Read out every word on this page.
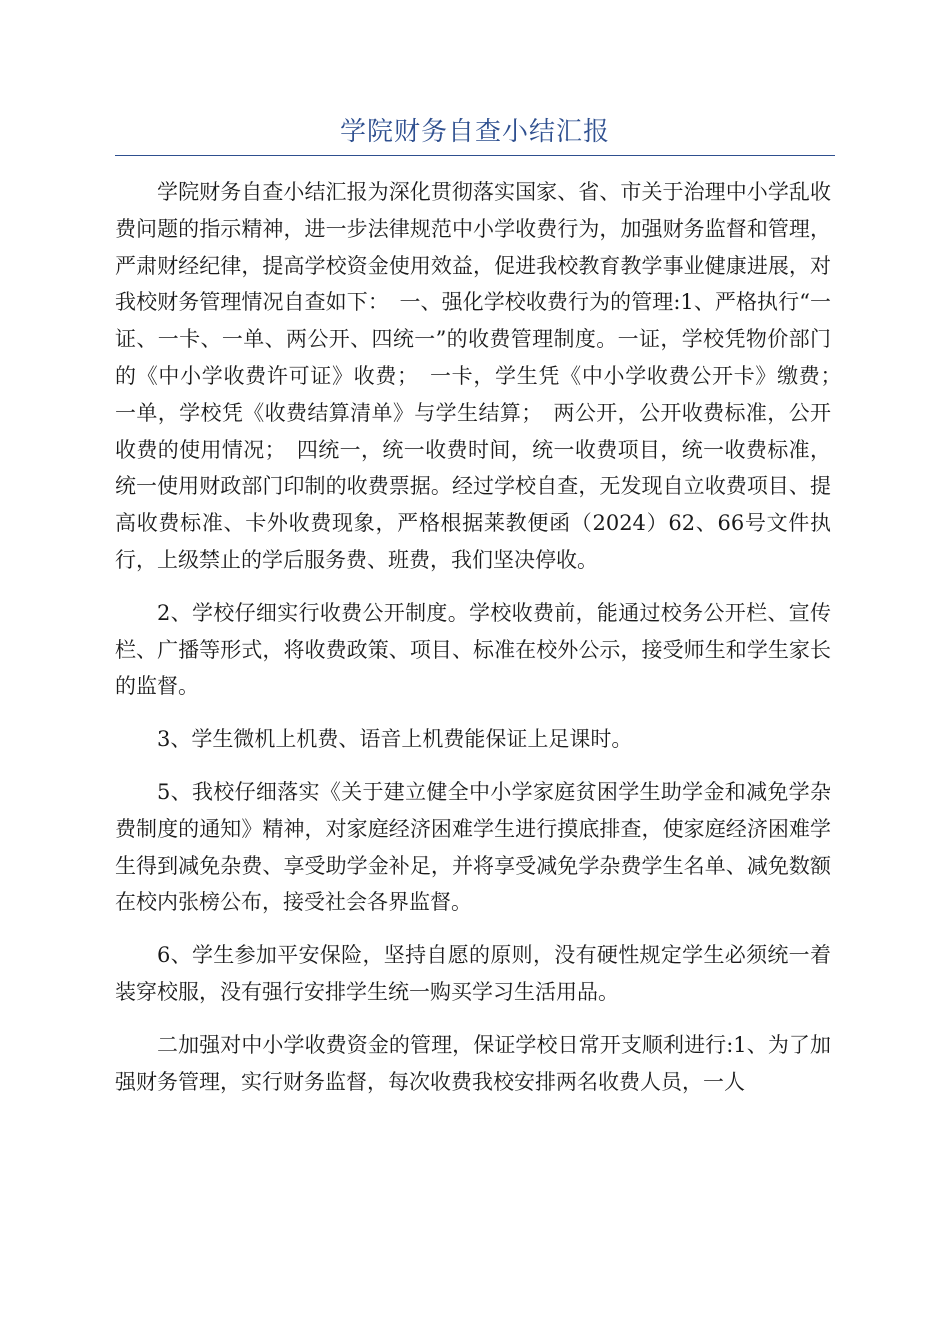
学院财务自查小结汇报

学院财务自查小结汇报为深化贯彻落实国家、省、市关于治理中小学乱收费问题的指示精神，进一步法律规范中小学收费行为，加强财务监督和管理，严肃财经纪律，提高学校资金使用效益，促进我校教育教学事业健康进展，对我校财务管理情况自查如下：　一、强化学校收费行为的管理:1、严格执行“一证、一卡、一单、两公开、四统一”的收费管理制度。一证，学校凭物价部门的《中小学收费许可证》收费；　一卡，学生凭《中小学收费公开卡》缴费；　一单，学校凭《收费结算清单》与学生结算；　两公开，公开收费标准，公开收费的使用情况；　四统一，统一收费时间，统一收费项目，统一收费标准，统一使用财政部门印制的收费票据。经过学校自查，无发现自立收费项目、提高收费标准、卡外收费现象，严格根据莱教便函（2024）62、66号文件执行，上级禁止的学后服务费、班费，我们坚决停收。

2、学校仔细实行收费公开制度。学校收费前，能通过校务公开栏、宣传栏、广播等形式，将收费政策、项目、标准在校外公示，接受师生和学生家长的监督。

3、学生微机上机费、语音上机费能保证上足课时。

5、我校仔细落实《关于建立健全中小学家庭贫困学生助学金和减免学杂费制度的通知》精神，对家庭经济困难学生进行摸底排查，使家庭经济困难学生得到减免杂费、享受助学金补足，并将享受减免学杂费学生名单、减免数额在校内张榜公布，接受社会各界监督。

6、学生参加平安保险，坚持自愿的原则，没有硬性规定学生必须统一着装穿校服，没有强行安排学生统一购买学习生活用品。

二加强对中小学收费资金的管理，保证学校日常开支顺利进行:1、为了加强财务管理，实行财务监督，每次收费我校安排两名收费人员，一人
